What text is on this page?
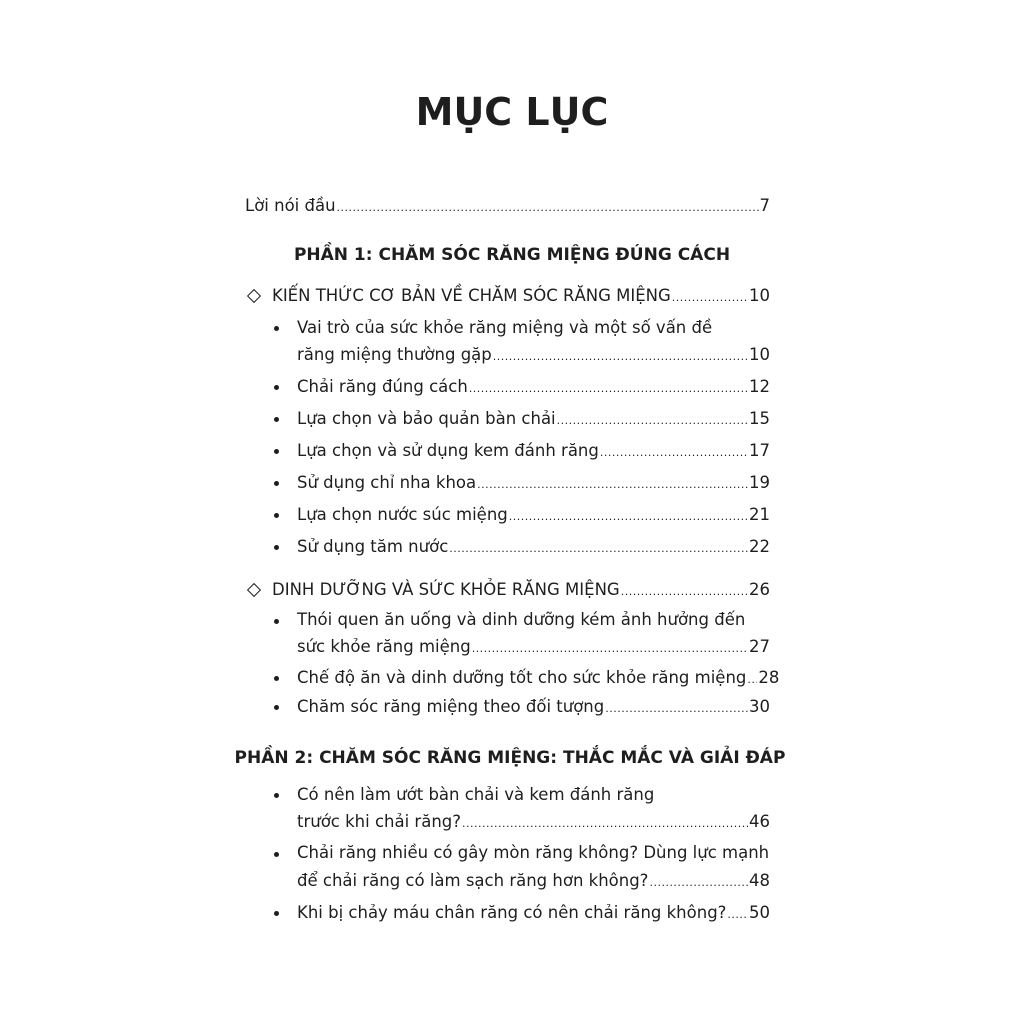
MỤC LỤC
Lời nói đầu .....	7
PHẦN 1: CHĂM SÓC RĂNG MIỆNG ĐÚNG CÁCH
KIẾN THỨC CƠ BẢN VỀ CHĂM SÓC RĂNG MIỆNG .....	10
Vai trò của sức khỏe răng miệng và một số vấn đề
răng miệng thường gặp .....	10
Chải răng đúng cách .....	12
Lựa chọn và bảo quản bàn chải .....	15
Lựa chọn và sử dụng kem đánh răng .....	17
Sử dụng chỉ nha khoa .....	19
Lựa chọn nước súc miệng .....	21
Sử dụng tăm nước .....	22
DINH DƯỠNG VÀ SỨC KHỎE RĂNG MIỆNG .....	26
Thói quen ăn uống và dinh dưỡng kém ảnh hưởng đến
sức khỏe răng miệng .....	27
Chế độ ăn và dinh dưỡng tốt cho sức khỏe răng miệng ..... 28
Chăm sóc răng miệng theo đối tượng .....	30
PHẦN 2: CHĂM SÓC RĂNG MIỆNG: THẮC MẮC VÀ GIẢI ĐÁP
Có nên làm ướt bàn chải và kem đánh răng
trước khi chải răng? .....	46
Chải răng nhiều có gây mòn răng không? Dùng lực mạnh
để chải răng có làm sạch răng hơn không? .....	48
Khi bị chảy máu chân răng có nên chải răng không? ..... 50
